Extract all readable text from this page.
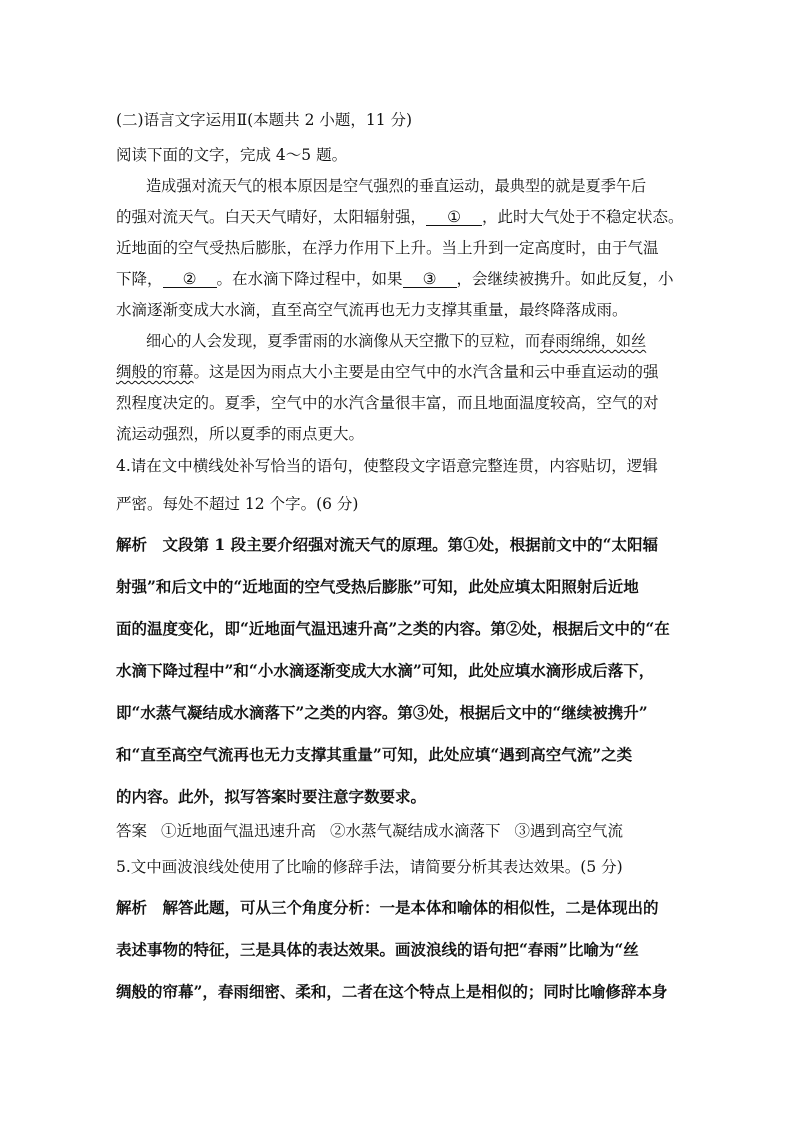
(二)语言文字运用Ⅱ(本题共 2 小题，11 分)
阅读下面的文字，完成 4～5 题。
造成强对流天气的根本原因是空气强烈的垂直运动，最典型的就是夏季午后
的强对流天气。白天天气晴好，太阳辐射强， ① ，此时大气处于不稳定状态。
近地面的空气受热后膨胀，在浮力作用下上升。当上升到一定高度时，由于气温
下降， ② 。在水滴下降过程中，如果 ③ ，会继续被携升。如此反复，小
水滴逐渐变成大水滴，直至高空气流再也无力支撑其重量，最终降落成雨。
细心的人会发现，夏季雷雨的水滴像从天空撒下的豆粒，而春雨绵绵，如丝
绸般的帘幕。这是因为雨点大小主要是由空气中的水汽含量和云中垂直运动的强
烈程度决定的。夏季，空气中的水汽含量很丰富，而且地面温度较高，空气的对
流运动强烈，所以夏季的雨点更大。
4.请在文中横线处补写恰当的语句，使整段文字语意完整连贯，内容贴切，逻辑
严密。每处不超过 12 个字。(6 分)
解析　文段第 1 段主要介绍强对流天气的原理。第①处，根据前文中的“太阳辐
射强”和后文中的“近地面的空气受热后膨胀”可知，此处应填太阳照射后近地
面的温度变化，即“近地面气温迅速升高”之类的内容。第②处，根据后文中的“在
水滴下降过程中”和“小水滴逐渐变成大水滴”可知，此处应填水滴形成后落下，
即“水蒸气凝结成水滴落下”之类的内容。第③处，根据后文中的“继续被携升”
和“直至高空气流再也无力支撑其重量”可知，此处应填“遇到高空气流”之类
的内容。此外，拟写答案时要注意字数要求。
答案 ①近地面气温迅速升高 ②水蒸气凝结成水滴落下 ③遇到高空气流
5.文中画波浪线处使用了比喻的修辞手法，请简要分析其表达效果。(5 分)
解析　解答此题，可从三个角度分析：一是本体和喻体的相似性，二是体现出的
表述事物的特征，三是具体的表达效果。画波浪线的语句把“春雨”比喻为“丝
绸般的帘幕”，春雨细密、柔和，二者在这个特点上是相似的；同时比喻修辞本身
